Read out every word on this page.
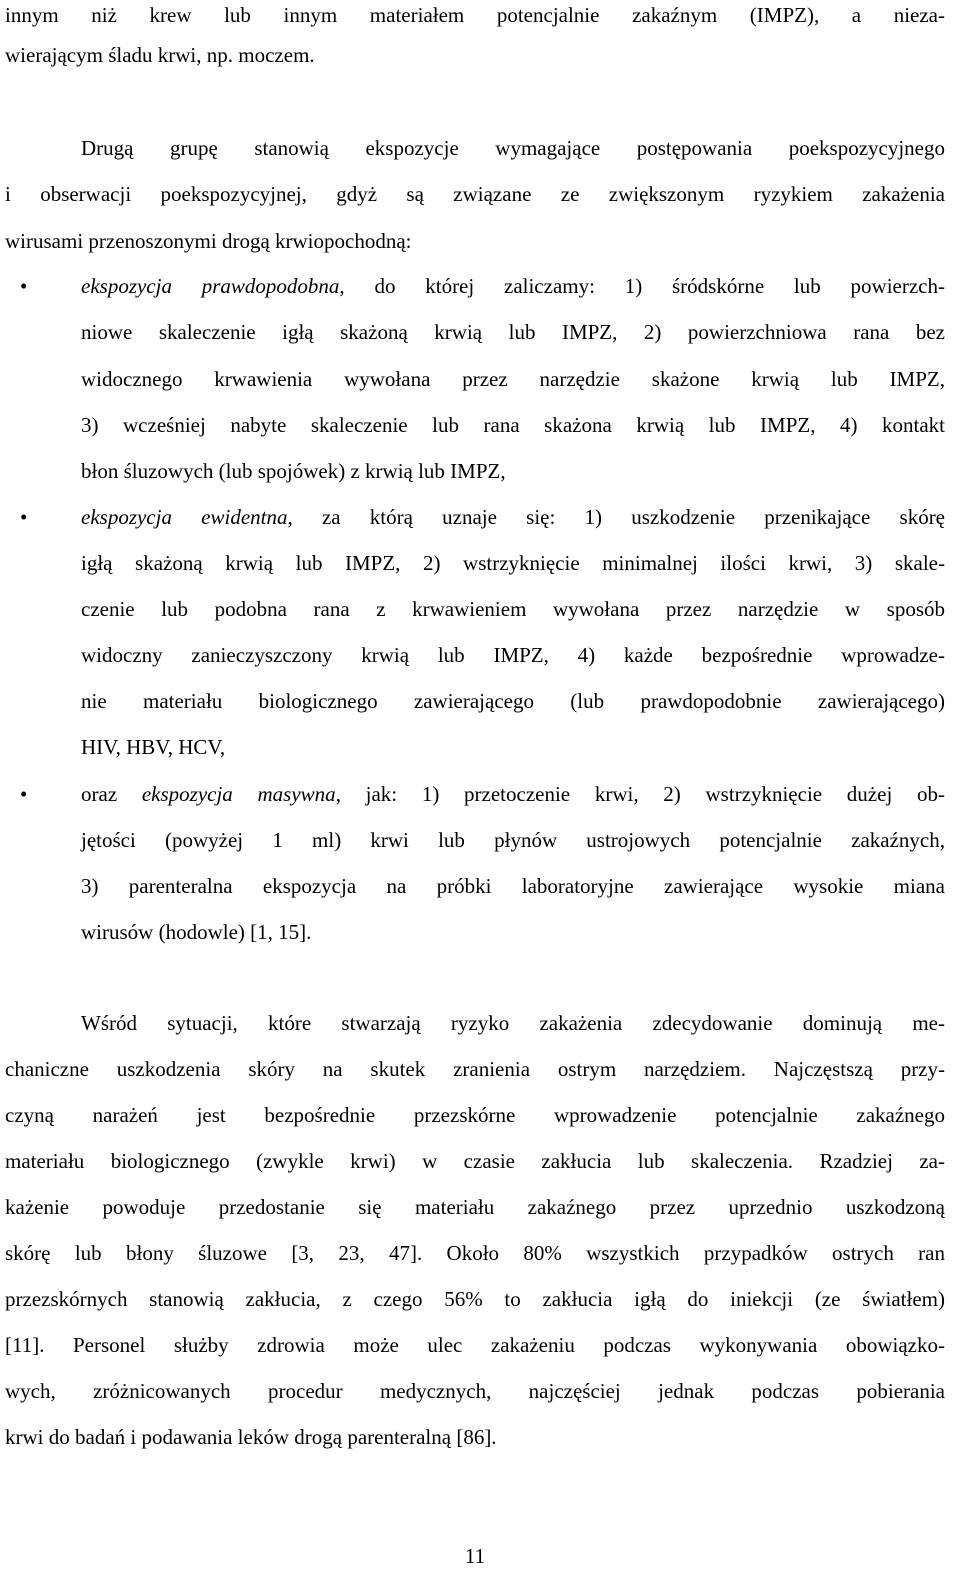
innym niż krew lub innym materiałem potencjalnie zakaźnym (IMPZ), a nieza-
wierającym śladu krwi, np. moczem.
Drugą grupę stanowią ekspozycje wymagające postępowania poekspozycyjnego
i obserwacji poekspozycyjnej, gdyż są związane ze zwiększonym ryzykiem zakażenia
wirusami przenoszonymi drogą krwiopochodną:
•	ekspozycja prawdopodobna, do której zaliczamy: 1) śródskórne lub powierzch-
niowe skaleczenie igłą skażoną krwią lub IMPZ, 2) powierzchniowa rana bez
widocznego krwawienia wywołana przez narzędzie skażone krwią lub IMPZ,
3) wcześniej nabyte skaleczenie lub rana skażona krwią lub IMPZ, 4) kontakt
błon śluzowych (lub spojówek) z krwią lub IMPZ,
•	ekspozycja ewidentna, za którą uznaje się: 1) uszkodzenie przenikające skórę
igłą skażoną krwią lub IMPZ, 2) wstrzyknięcie minimalnej ilości krwi, 3) skale-
czenie lub podobna rana z krwawieniem wywołana przez narzędzie w sposób
widoczny zanieczyszczony krwią lub IMPZ, 4) każde bezpośrednie wprowadze-
nie materiału biologicznego zawierającego (lub prawdopodobnie zawierającego)
HIV, HBV, HCV,
•	oraz ekspozycja masywna, jak: 1) przetoczenie krwi, 2) wstrzyknięcie dużej ob-
jętości (powyżej 1 ml) krwi lub płynów ustrojowych potencjalnie zakaźnych,
3) parenteralna ekspozycja na próbki laboratoryjne zawierające wysokie miana
wirusów (hodowle) [1, 15].
Wśród sytuacji, które stwarzają ryzyko zakażenia zdecydowanie dominują me-
chaniczne uszkodzenia skóry na skutek zranienia ostrym narzędziem. Najczęstszą przy-
czyną narażeń jest bezpośrednie przezskórne wprowadzenie potencjalnie zakaźnego
materiału biologicznego (zwykle krwi) w czasie zakłucia lub skaleczenia. Rzadziej za-
każenie powoduje przedostanie się materiału zakaźnego przez uprzednio uszkodzoną
skórę lub błony śluzowe [3, 23, 47]. Około 80% wszystkich przypadków ostrych ran
przezskórnych stanowią zakłucia, z czego 56% to zakłucia igłą do iniekcji (ze światłem)
[11]. Personel służby zdrowia może ulec zakażeniu podczas wykonywania obowiązko-
wych, zróżnicowanych procedur medycznych, najczęściej jednak podczas pobierania
krwi do badań i podawania leków drogą parenteralną [86].
11
